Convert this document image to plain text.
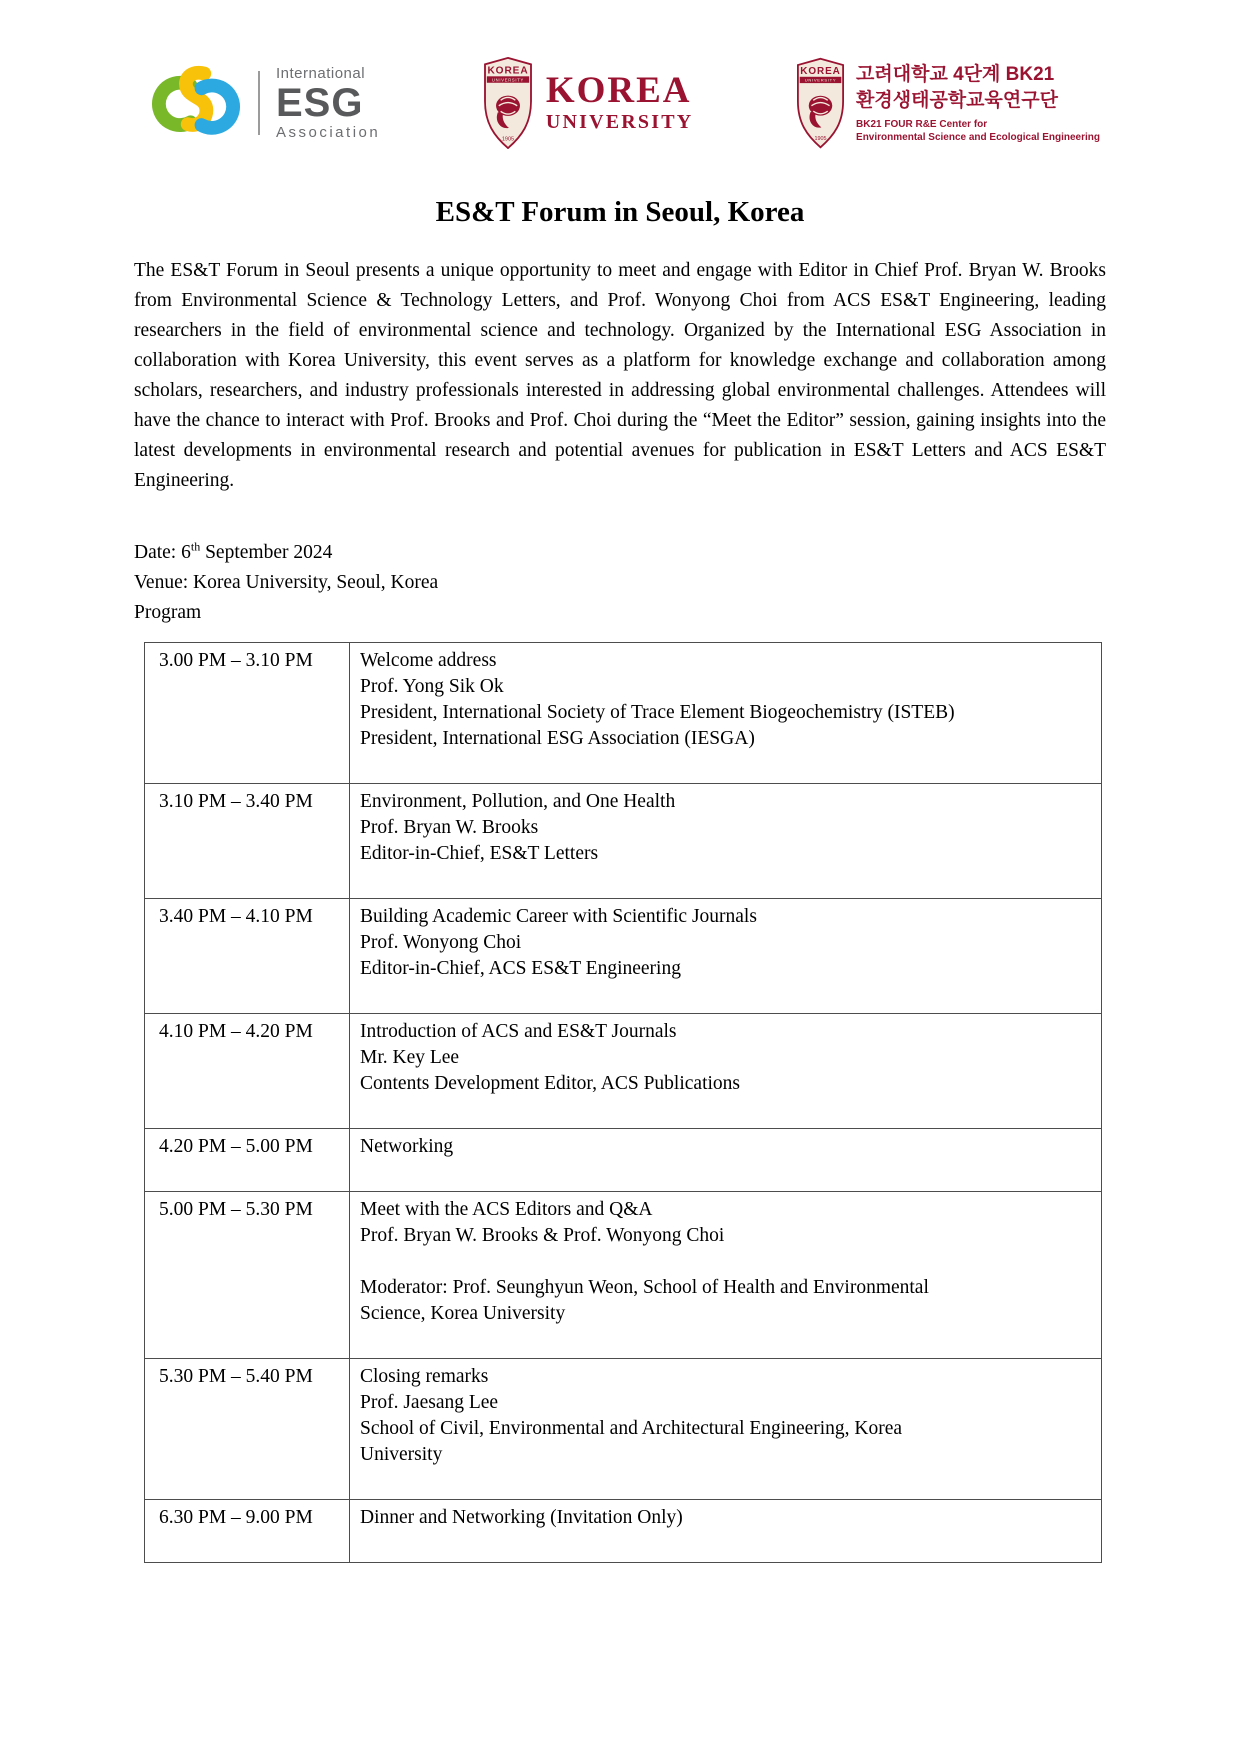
International
ESG
Association
KOREA
UNIVERSITY
1905
KOREA
UNIVERSITY
KOREA
UNIVERSITY
1905
고려대학교 4단계 BK21
환경생태공학교육연구단
BK21 FOUR R&E Center for
Environmental Science and Ecological Engineering
ES&T Forum in Seoul, Korea

The ES&T Forum in Seoul presents a unique opportunity to meet and engage with Editor in Chief Prof. Bryan W. Brooks from Environmental Science & Technology Letters, and Prof. Wonyong Choi from ACS ES&T Engineering, leading researchers in the field of environmental science and technology. Organized by the International ESG Association in collaboration with Korea University, this event serves as a platform for knowledge exchange and collaboration among scholars, researchers, and industry professionals interested in addressing global environmental challenges. Attendees will have the chance to interact with Prof. Brooks and Prof. Choi during the “Meet the Editor” session, gaining insights into the latest developments in environmental research and potential avenues for publication in ES&T Letters and ACS ES&T Engineering.

Date: 6th September 2024
Venue: Korea University, Seoul, Korea
Program
3.00 PM – 3.10 PM	Welcome address
Prof. Yong Sik Ok
President, International Society of Trace Element Biogeochemistry (ISTEB)
President, International ESG Association (IESGA)

3.10 PM – 3.40 PM	Environment, Pollution, and One Health
Prof. Bryan W. Brooks
Editor-in-Chief, ES&T Letters

3.40 PM – 4.10 PM	Building Academic Career with Scientific Journals
Prof. Wonyong Choi
Editor-in-Chief, ACS ES&T Engineering

4.10 PM – 4.20 PM	Introduction of ACS and ES&T Journals
Mr. Key Lee
Contents Development Editor, ACS Publications

4.20 PM – 5.00 PM	Networking

5.00 PM – 5.30 PM	Meet with the ACS Editors and Q&A
Prof. Bryan W. Brooks & Prof. Wonyong Choi
Moderator: Prof. Seunghyun Weon, School of Health and Environmental
Science, Korea University

5.30 PM – 5.40 PM	Closing remarks
Prof. Jaesang Lee
School of Civil, Environmental and Architectural Engineering, Korea
University

6.30 PM – 9.00 PM	Dinner and Networking (Invitation Only)
